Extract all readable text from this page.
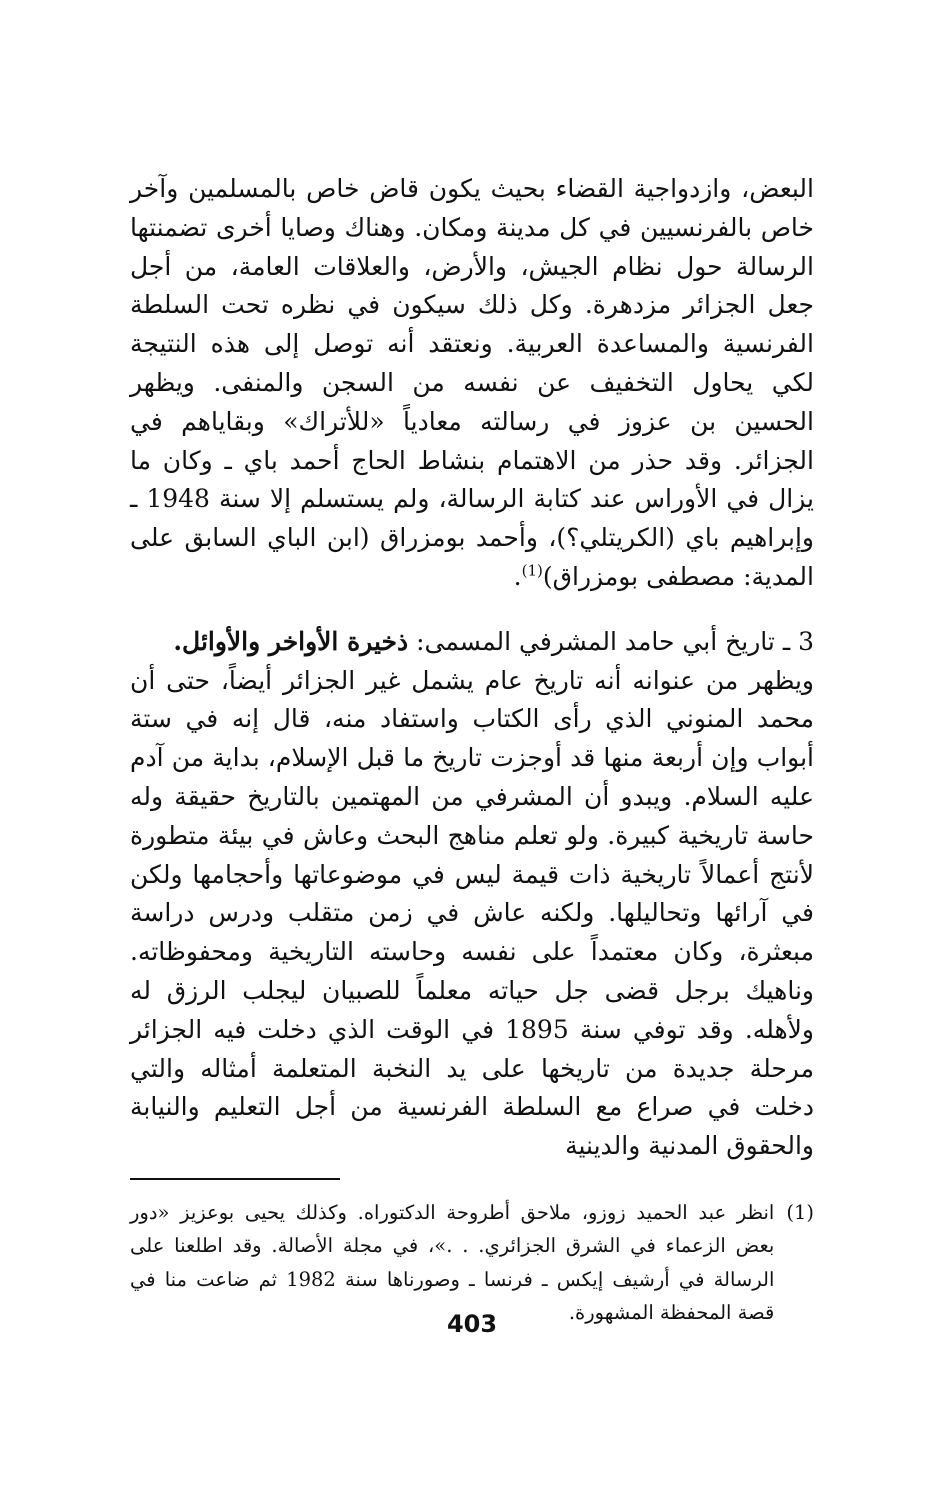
البعض، وازدواجية القضاء بحيث يكون قاض خاص بالمسلمين وآخر خاص بالفرنسيين في كل مدينة ومكان. وهناك وصايا أخرى تضمنتها الرسالة حول نظام الجيش، والأرض، والعلاقات العامة، من أجل جعل الجزائر مزدهرة. وكل ذلك سيكون في نظره تحت السلطة الفرنسية والمساعدة العربية. ونعتقد أنه توصل إلى هذه النتيجة لكي يحاول التخفيف عن نفسه من السجن والمنفى. ويظهر الحسين بن عزوز في رسالته معادياً «للأتراك» وبقاياهم في الجزائر. وقد حذر من الاهتمام بنشاط الحاج أحمد باي ـ وكان ما يزال في الأوراس عند كتابة الرسالة، ولم يستسلم إلا سنة 1948 ـ وإبراهيم باي (الكريتلي؟)، وأحمد بومزراق (ابن الباي السابق على المدية: مصطفى بومزراق)$^{(1)}$.

3 ـ تاريخ أبي حامد المشرفي المسمى: ذخيرة الأواخر والأوائل.
ويظهر من عنوانه أنه تاريخ عام يشمل غير الجزائر أيضاً، حتى أن محمد المنوني الذي رأى الكتاب واستفاد منه، قال إنه في ستة أبواب وإن أربعة منها قد أوجزت تاريخ ما قبل الإسلام، بداية من آدم عليه السلام. ويبدو أن المشرفي من المهتمين بالتاريخ حقيقة وله حاسة تاريخية كبيرة. ولو تعلم مناهج البحث وعاش في بيئة متطورة لأنتج أعمالاً تاريخية ذات قيمة ليس في موضوعاتها وأحجامها ولكن في آرائها وتحاليلها. ولكنه عاش في زمن متقلب ودرس دراسة مبعثرة، وكان معتمداً على نفسه وحاسته التاريخية ومحفوظاته. وناهيك برجل قضى جل حياته معلماً للصبيان ليجلب الرزق له ولأهله. وقد توفي سنة 1895 في الوقت الذي دخلت فيه الجزائر مرحلة جديدة من تاريخها على يد النخبة المتعلمة أمثاله والتي دخلت في صراع مع السلطة الفرنسية من أجل التعليم والنيابة والحقوق المدنية والدينية

(1)
انظر عبد الحميد زوزو، ملاحق أطروحة الدكتوراه. وكذلك يحيى بوعزيز «دور بعض الزعماء في الشرق الجزائري. . .»، في مجلة الأصالة. وقد اطلعنا على الرسالة في أرشيف إيكس ـ فرنسا ـ وصورناها سنة 1982 ثم ضاعت منا في قصة المحفظة المشهورة.

403
